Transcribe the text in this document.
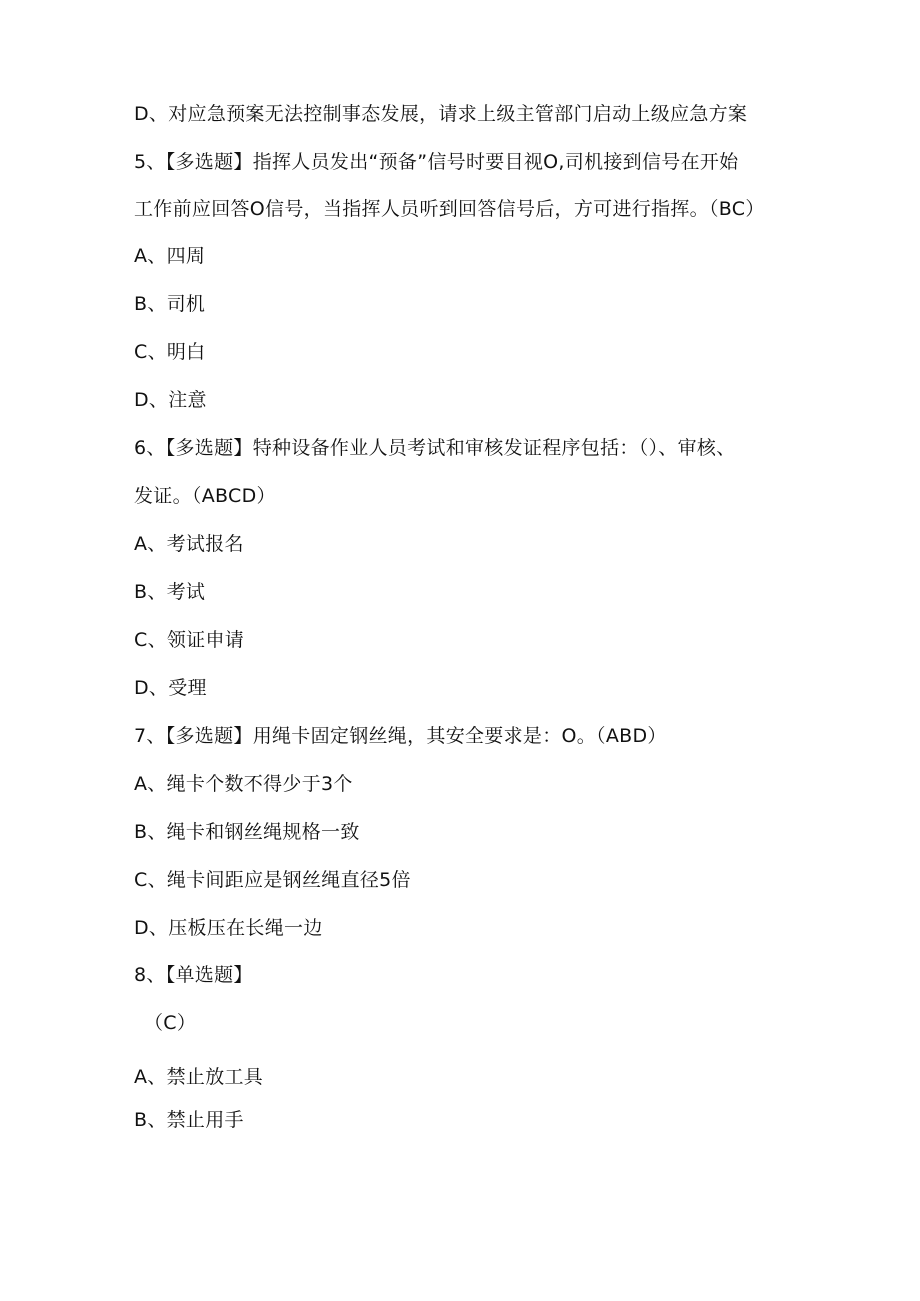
D、对应急预案无法控制事态发展，请求上级主管部门启动上级应急方案
5、【多选题】指挥人员发出“预备”信号时要目视O,司机接到信号在开始
工作前应回答O信号，当指挥人员听到回答信号后，方可进行指挥。（BC）
A、四周
B、司机
C、明白
D、注意
6、【多选题】特种设备作业人员考试和审核发证程序包括：（）、审核、
发证。（ABCD）
A、考试报名
B、考试
C、领证申请
D、受理
7、【多选题】用绳卡固定钢丝绳，其安全要求是：O。（ABD）
A、绳卡个数不得少于3个
B、绳卡和钢丝绳规格一致
C、绳卡间距应是钢丝绳直径5倍
D、压板压在长绳一边
8、【单选题】
（C）
A、禁止放工具
B、禁止用手
